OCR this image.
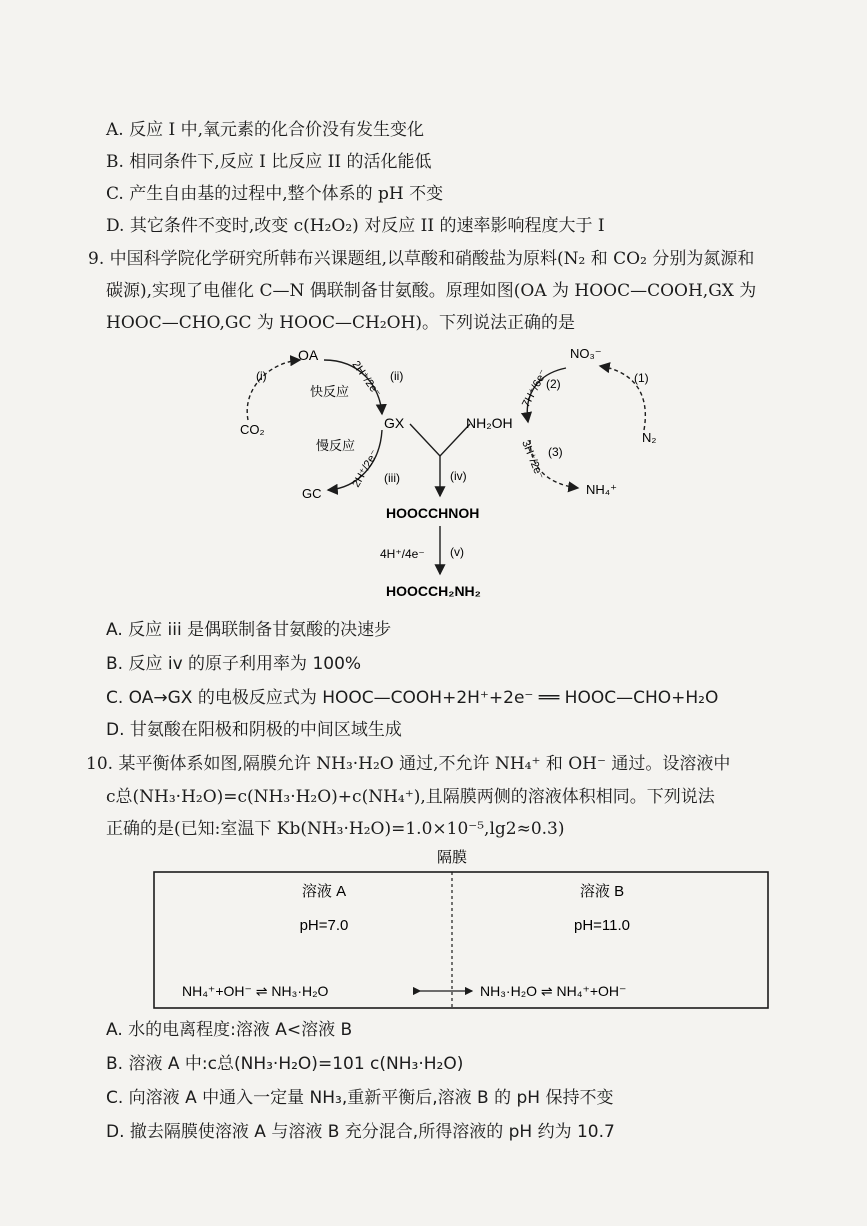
A. 反应 I 中,氧元素的化合价没有发生变化
B. 相同条件下,反应 I 比反应 II 的活化能低
C. 产生自由基的过程中,整个体系的 pH 不变
D. 其它条件不变时,改变 c(H₂O₂) 对反应 II 的速率影响程度大于 I
9. 中国科学院化学研究所韩布兴课题组,以草酸和硝酸盐为原料(N₂ 和 CO₂ 分别为氮源和
碳源),实现了电催化 C—N 偶联制备甘氨酸。原理如图(OA 为 HOOC—COOH,GX 为
HOOC—CHO,GC 为 HOOC—CH₂OH)。下列说法正确的是
OA
CO₂	GX
GC
NH₂OH
NO₃⁻
N₂
NH₄⁺
HOOCCHNOH
HOOCCH₂NH₂
快反应
慢反应
(i)	(ii)
(iii)	(iv)
(v)
(1)
(2)
(3)
2H⁺/2e⁻
2H⁺/2e⁻
7H⁺/6e⁻
3H⁺/2e⁻
4H⁺/4e⁻
A. 反应 iii 是偶联制备甘氨酸的决速步
B. 反应 iv 的原子利用率为 100%
C. OA→GX 的电极反应式为 HOOC—COOH+2H⁺+2e⁻ ══ HOOC—CHO+H₂O
D. 甘氨酸在阳极和阴极的中间区域生成
10. 某平衡体系如图,隔膜允许 NH₃·H₂O 通过,不允许 NH₄⁺ 和 OH⁻ 通过。设溶液中
c总(NH₃·H₂O)=c(NH₃·H₂O)+c(NH₄⁺),且隔膜两侧的溶液体积相同。下列说法
正确的是(已知:室温下 Kb(NH₃·H₂O)=1.0×10⁻⁵,lg2≈0.3)
隔膜
溶液 A
pH=7.0
溶液 B
pH=11.0
NH₄⁺+OH⁻ ⇌ NH₃·H₂O	NH₃·H₂O ⇌ NH₄⁺+OH⁻
A. 水的电离程度:溶液 A<溶液 B
B. 溶液 A 中:c总(NH₃·H₂O)=101 c(NH₃·H₂O)
C. 向溶液 A 中通入一定量 NH₃,重新平衡后,溶液 B 的 pH 保持不变
D. 撤去隔膜使溶液 A 与溶液 B 充分混合,所得溶液的 pH 约为 10.7
